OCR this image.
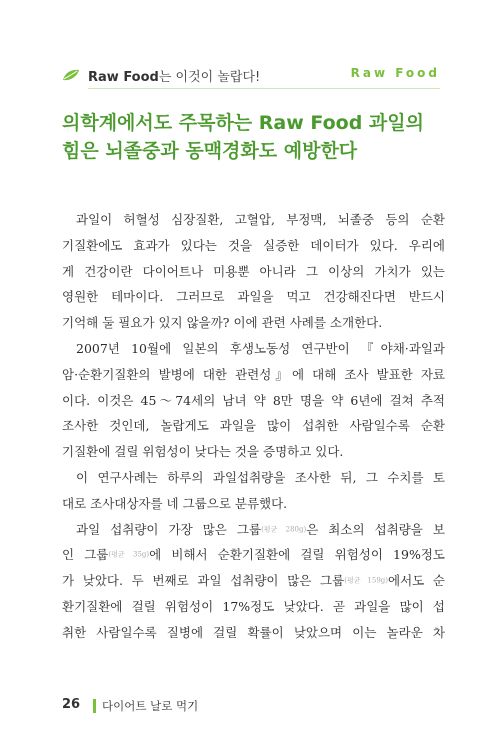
Raw Food는 이것이 놀랍다!	Raw Food
의학계에서도 주목하는 Raw Food 과일의
힘은 뇌졸중과 동맥경화도 예방한다
과일이 허혈성 심장질환, 고혈압, 부정맥, 뇌졸중 등의 순환
기질환에도 효과가 있다는 것을 실증한 데이터가 있다. 우리에
게 건강이란 다이어트나 미용뿐 아니라 그 이상의 가치가 있는
영원한 테마이다. 그러므로 과일을 먹고 건강해진다면 반드시
기억해 둘 필요가 있지 않을까? 이에 관련 사례를 소개한다.
2007년 10월에 일본의 후생노동성 연구반이 『야채·과일과
암·순환기질환의 발병에 대한 관련성』에 대해 조사 발표한 자료
이다. 이것은 45～74세의 남녀 약 8만 명을 약 6년에 걸쳐 추적
조사한 것인데, 놀랍게도 과일을 많이 섭취한 사람일수록 순환
기질환에 걸릴 위험성이 낮다는 것을 증명하고 있다.
이 연구사례는 하루의 과일섭취량을 조사한 뒤, 그 수치를 토
대로 조사대상자를 네 그룹으로 분류했다.
과일 섭취량이 가장 많은 그룹(평균 280g)은 최소의 섭취량을 보
인 그룹(평균 35g)에 비해서 순환기질환에 걸릴 위험성이 19%정도
가 낮았다. 두 번째로 과일 섭취량이 많은 그룹(평균 159g)에서도 순
환기질환에 걸릴 위험성이 17%정도 낮았다. 곧 과일을 많이 섭
취한 사람일수록 질병에 걸릴 확률이 낮았으며 이는 놀라운 차
26 다이어트 날로 먹기
